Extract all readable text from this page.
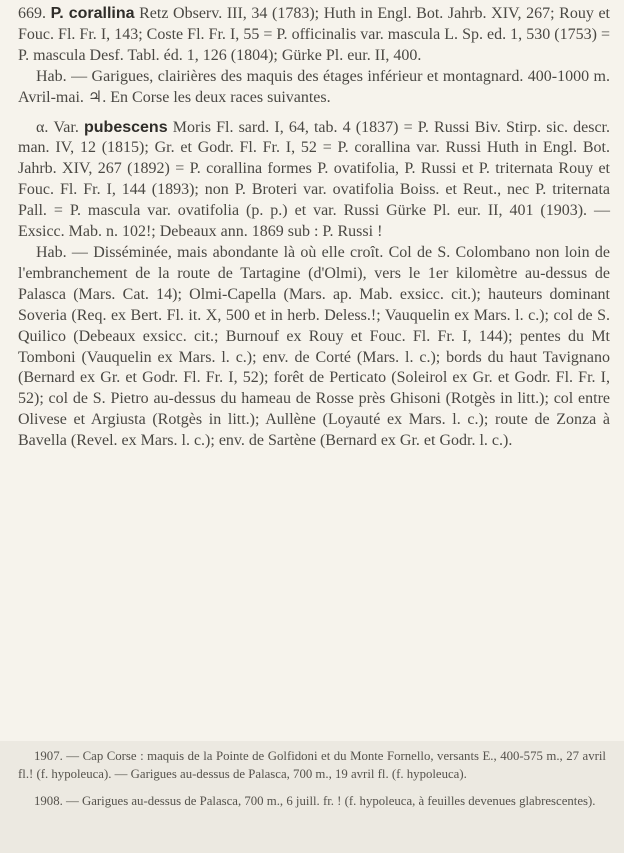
669. P. corallina Retz Observ. III, 34 (1783); Huth in Engl. Bot. Jahrb. XIV, 267; Rouy et Fouc. Fl. Fr. I, 143; Coste Fl. Fr. I, 55 = P. officinalis var. mascula L. Sp. ed. 1, 530 (1753) = P. mascula Desf. Tabl. éd. 1, 126 (1804); Gürke Pl. eur. II, 400.

Hab. — Garigues, clairières des maquis des étages inférieur et montagnard. 400-1000 m. Avril-mai. ♃. En Corse les deux races suivantes.

α. Var. pubescens Moris Fl. sard. I, 64, tab. 4 (1837) = P. Russi Biv. Stirp. sic. descr. man. IV, 12 (1815); Gr. et Godr. Fl. Fr. I, 52 = P. corallina var. Russi Huth in Engl. Bot. Jahrb. XIV, 267 (1892) = P. corallina formes P. ovatifolia, P. Russi et P. triternata Rouy et Fouc. Fl. Fr. I, 144 (1893); non P. Broteri var. ovatifolia Boiss. et Reut., nec P. triternata Pall. = P. mascula var. ovatifolia (p. p.) et var. Russi Gürke Pl. eur. II, 401 (1903). — Exsicc. Mab. n. 102!; Debeaux ann. 1869 sub : P. Russi !

Hab. — Disséminée, mais abondante là où elle croît. Col de S. Colombano non loin de l'embranchement de la route de Tartagine (d'Olmi), vers le 1er kilomètre au-dessus de Palasca (Mars. Cat. 14); Olmi-Capella (Mars. ap. Mab. exsicc. cit.); hauteurs dominant Soveria (Req. ex Bert. Fl. it. X, 500 et in herb. Deless.!; Vauquelin ex Mars. l. c.); col de S. Quilico (Debeaux exsicc. cit.; Burnouf ex Rouy et Fouc. Fl. Fr. I, 144); pentes du Mt Tomboni (Vauquelin ex Mars. l. c.); env. de Corté (Mars. l. c.); bords du haut Tavignano (Bernard ex Gr. et Godr. Fl. Fr. I, 52); forêt de Perticato (Soleirol ex Gr. et Godr. Fl. Fr. I, 52); col de S. Pietro au-dessus du hameau de Rosse près Ghisoni (Rotgès in litt.); col entre Olivese et Argiusta (Rotgès in litt.); Aullène (Loyauté ex Mars. l. c.); route de Zonza à Bavella (Revel. ex Mars. l. c.); env. de Sartène (Bernard ex Gr. et Godr. l. c.).

1907. — Cap Corse : maquis de la Pointe de Golfidoni et du Monte Fornello, versants E., 400-575 m., 27 avril fl.! (f. hypoleuca). — Garigues au-dessus de Palasca, 700 m., 19 avril fl. (f. hypoleuca).

1908. — Garigues au-dessus de Palasca, 700 m., 6 juill. fr. ! (f. hypoleuca, à feuilles devenues glabrescentes).
